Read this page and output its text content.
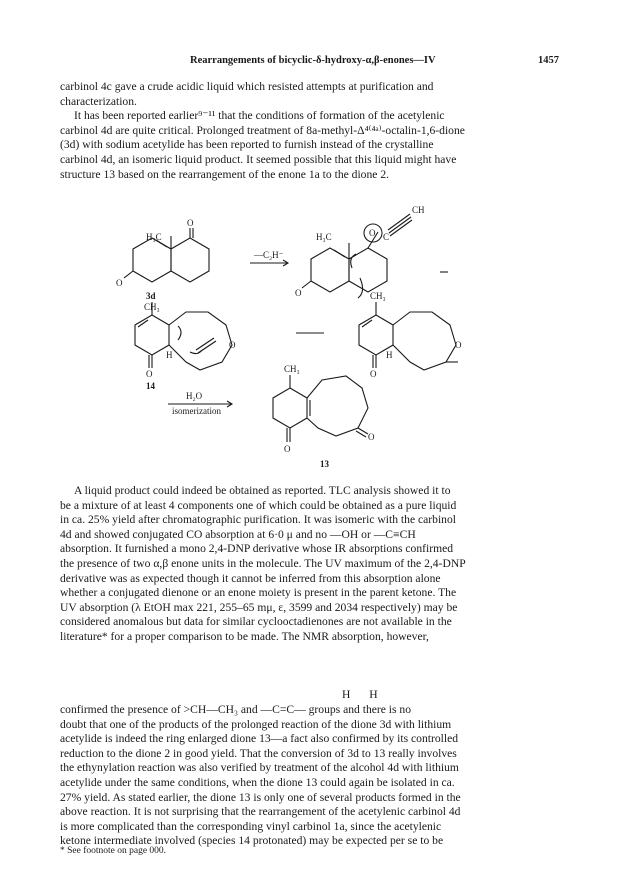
Rearrangements of bicyclic-δ-hydroxy-α,β-enones—IV	1457
carbinol 4c gave a crude acidic liquid which resisted attempts at purification and
characterization.
It has been reported earlier⁹⁻¹¹ that the conditions of formation of the acetylenic
carbinol 4d are quite critical. Prolonged treatment of 8a-methyl-Δ⁴⁽⁴ᵃ⁾-octalin-1,6-dione
(3d) with sodium acetylide has been reported to furnish instead of the crystalline
carbinol 4d, an isomeric liquid product. It seemed possible that this liquid might have
structure 13 based on the rearrangement of the enone 1a to the dione 2.
H₃C
O
O
—C₂H⁻
H₃C	O
CH
C
O
3d
CH₃
CH₃
H
O
O
14
H
O
O
H₂O
isomerization
CH₃
O
O
13
A liquid product could indeed be obtained as reported. TLC analysis showed it to
be a mixture of at least 4 components one of which could be obtained as a pure liquid
in ca. 25% yield after chromatographic purification. It was isomeric with the carbinol
4d and showed conjugated CO absorption at 6·0 μ and no —OH or —C≡CH
absorption. It furnished a mono 2,4-DNP derivative whose IR absorptions confirmed
the presence of two α,β enone units in the molecule. The UV maximum of the 2,4-DNP
derivative was as expected though it cannot be inferred from this absorption alone
whether a conjugated dienone or an enone moiety is present in the parent ketone. The
UV absorption (λ EtOH max 221, 255–65 mμ, ε, 3599 and 2034 respectively) may be
considered anomalous but data for similar cyclooctadienones are not available in the
literature* for a proper comparison to be made. The NMR absorption, however,
H H
confirmed the presence of >CH—CH₃ and —C=C— groups and there is no
doubt that one of the products of the prolonged reaction of the dione 3d with lithium
acetylide is indeed the ring enlarged dione 13—a fact also confirmed by its controlled
reduction to the dione 2 in good yield. That the conversion of 3d to 13 really involves
the ethynylation reaction was also verified by treatment of the alcohol 4d with lithium
acetylide under the same conditions, when the dione 13 could again be isolated in ca.
27% yield. As stated earlier, the dione 13 is only one of several products formed in the
above reaction. It is not surprising that the rearrangement of the acetylenic carbinol 4d
is more complicated than the corresponding vinyl carbinol 1a, since the acetylenic
ketone intermediate involved (species 14 protonated) may be expected per se to be
* See footnote on page 000.
